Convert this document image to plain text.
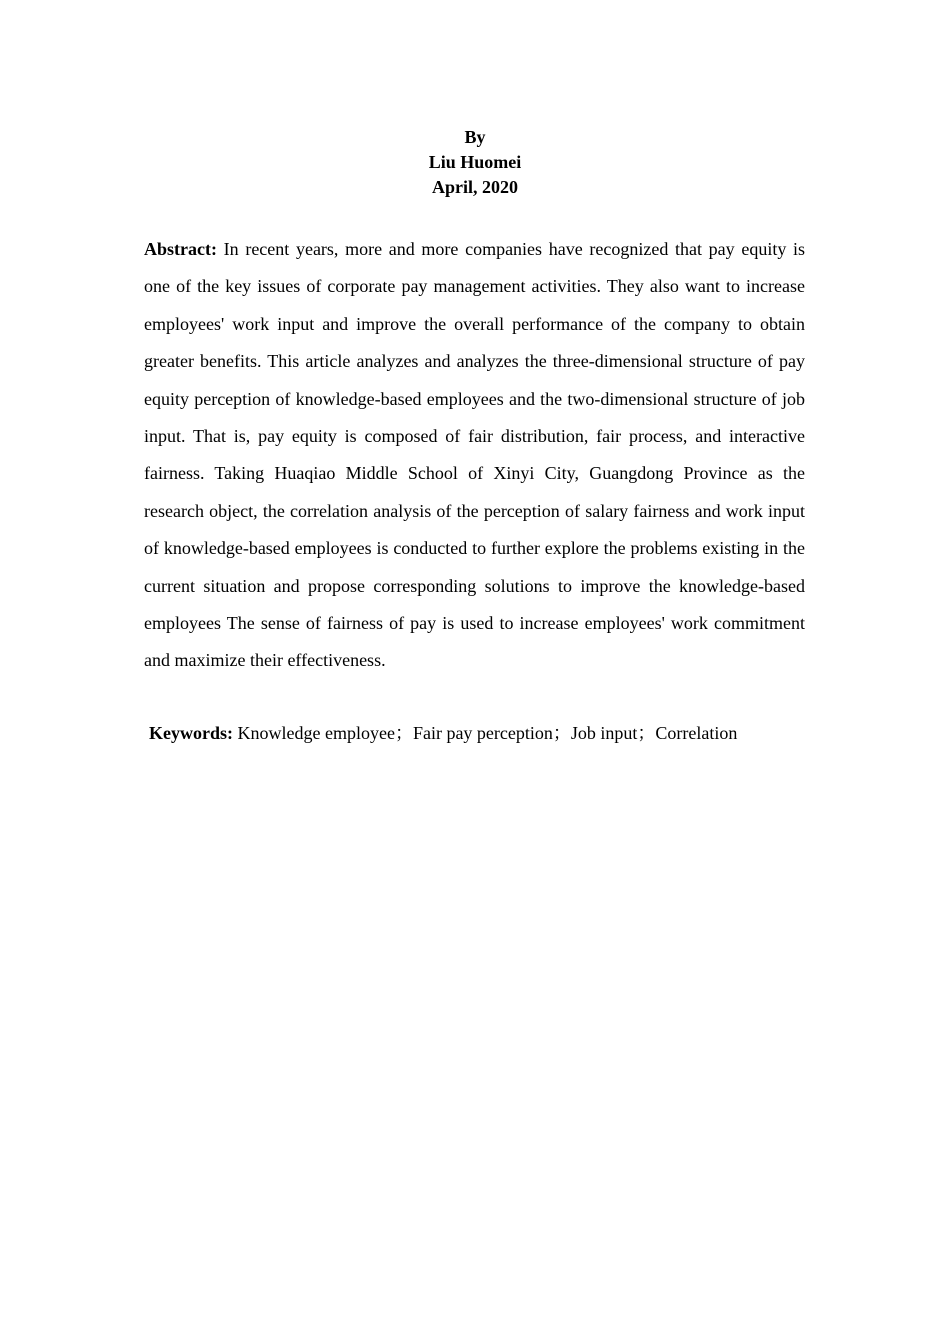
By
Liu Huomei
April, 2020

Abstract: In recent years, more and more companies have recognized that pay equity is one of the key issues of corporate pay management activities. They also want to increase employees' work input and improve the overall performance of the company to obtain greater benefits. This article analyzes and analyzes the three-dimensional structure of pay equity perception of knowledge-based employees and the two-dimensional structure of job input. That is, pay equity is composed of fair distribution, fair process, and interactive fairness. Taking Huaqiao Middle School of Xinyi City, Guangdong Province as the research object, the correlation analysis of the perception of salary fairness and work input of knowledge-based employees is conducted to further explore the problems existing in the current situation and propose corresponding solutions to improve the knowledge-based employees The sense of fairness of pay is used to increase employees' work commitment and maximize their effectiveness.

Keywords: Knowledge employee；Fair pay perception；Job input；Correlation
